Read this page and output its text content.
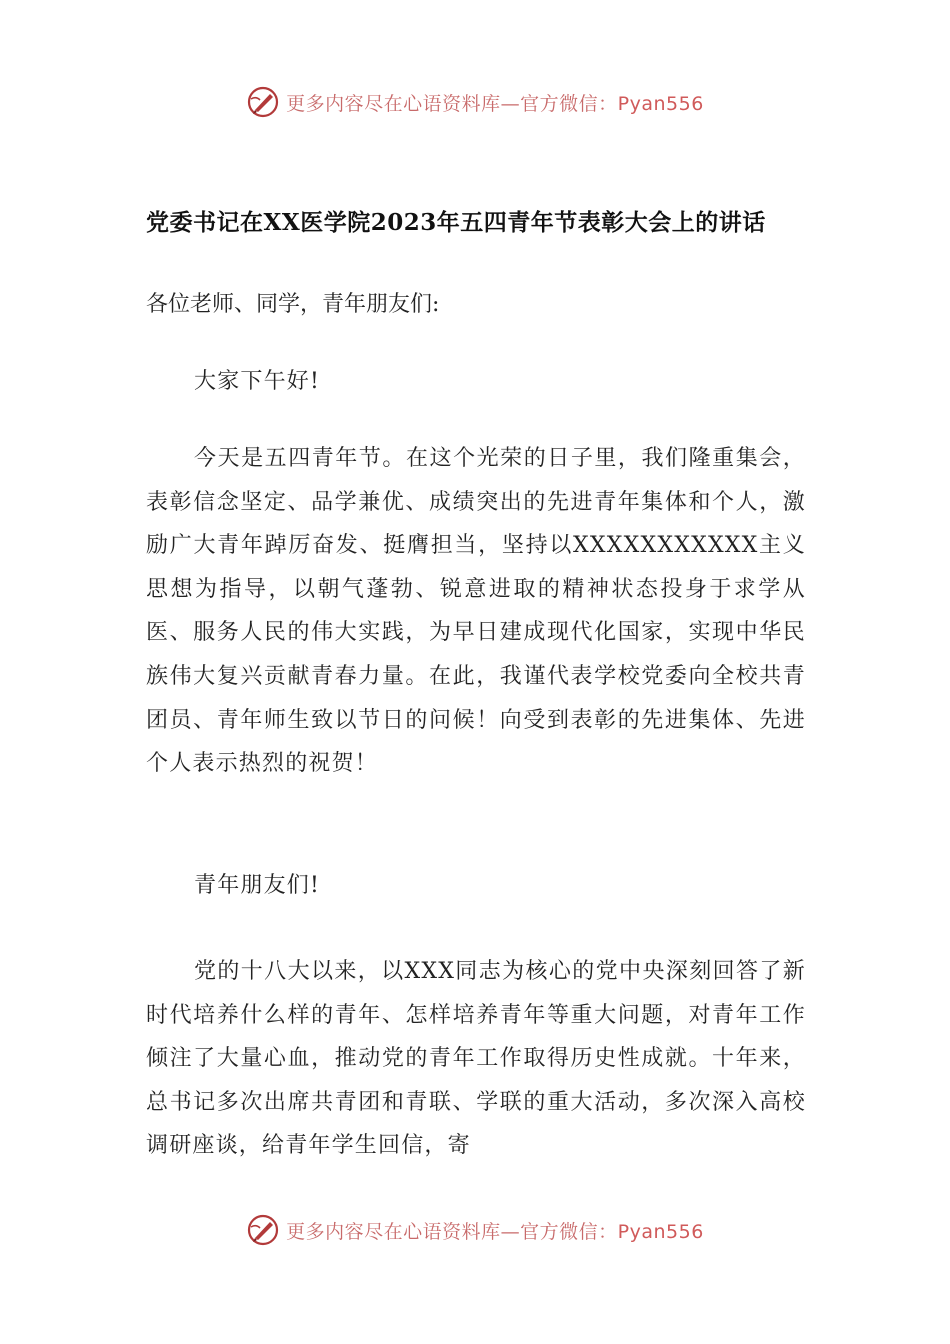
更多内容尽在心语资料库—官方微信：Pyan556
党委书记在XX医学院2023年五四青年节表彰大会上的讲话

各位老师、同学，青年朋友们:

大家下午好!

今天是五四青年节。在这个光荣的日子里，我们隆重集会，表彰信念坚定、品学兼优、成绩突出的先进青年集体和个人，激励广大青年踔厉奋发、挺膺担当，坚持以XXXXXXXXXXX主义思想为指导，以朝气蓬勃、锐意进取的精神状态投身于求学从医、服务人民的伟大实践，为早日建成现代化国家，实现中华民族伟大复兴贡献青春力量。在此，我谨代表学校党委向全校共青团员、青年师生致以节日的问候！向受到表彰的先进集体、先进个人表示热烈的祝贺！

青年朋友们!

党的十八大以来，以XXX同志为核心的党中央深刻回答了新时代培养什么样的青年、怎样培养青年等重大问题，对青年工作倾注了大量心血，推动党的青年工作取得历史性成就。十年来，总书记多次出席共青团和青联、学联的重大活动，多次深入高校调研座谈，给青年学生回信，寄

更多内容尽在心语资料库—官方微信：Pyan556
